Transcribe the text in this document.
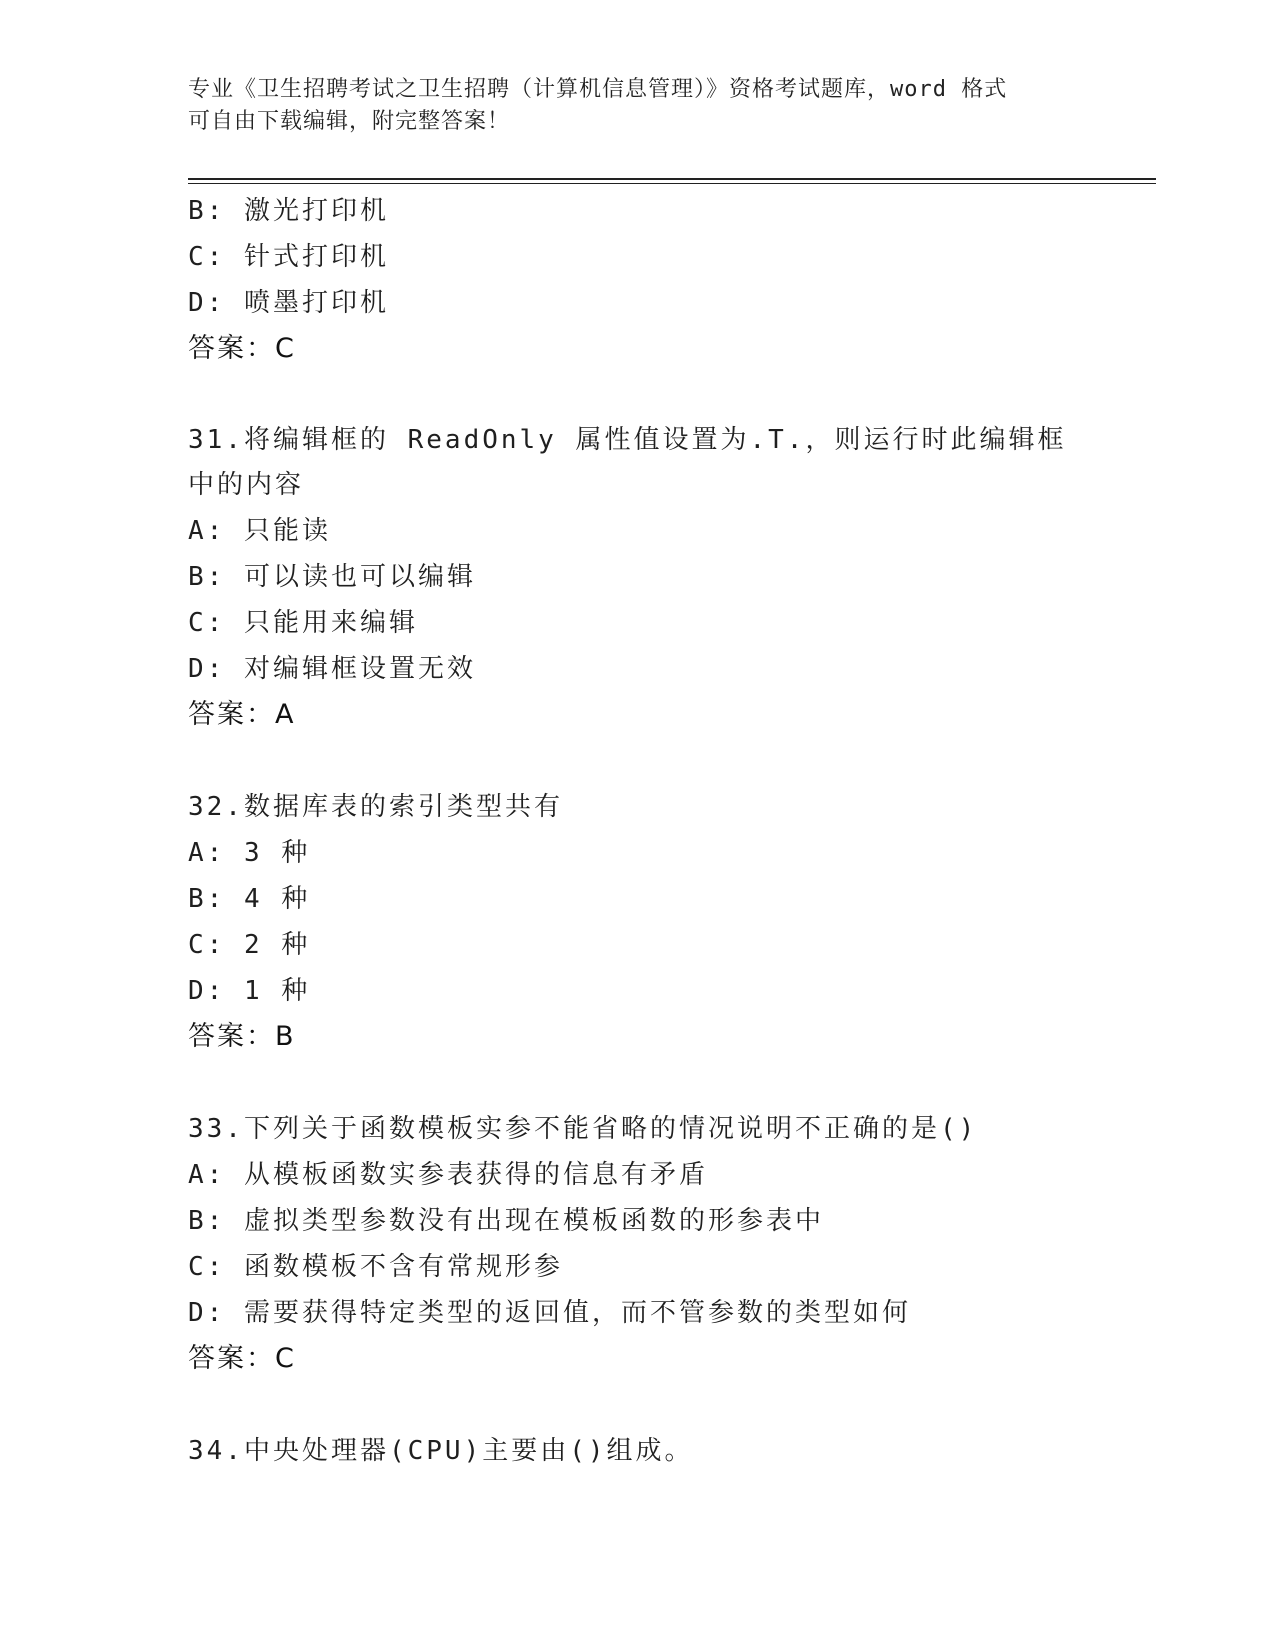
专业《卫生招聘考试之卫生招聘（计算机信息管理）》资格考试题库，word 格式
可自由下载编辑，附完整答案！
B: 激光打印机
C: 针式打印机
D: 喷墨打印机
答案：C
31.将编辑框的 ReadOnly 属性值设置为.T.，则运行时此编辑框中的内容
A: 只能读
B: 可以读也可以编辑
C: 只能用来编辑
D: 对编辑框设置无效
答案：A
32.数据库表的索引类型共有
A: 3 种
B: 4 种
C: 2 种
D: 1 种
答案：B
33.下列关于函数模板实参不能省略的情况说明不正确的是()
A: 从模板函数实参表获得的信息有矛盾
B: 虚拟类型参数没有出现在模板函数的形参表中
C: 函数模板不含有常规形参
D: 需要获得特定类型的返回值，而不管参数的类型如何
答案：C
34.中央处理器(CPU)主要由()组成。
